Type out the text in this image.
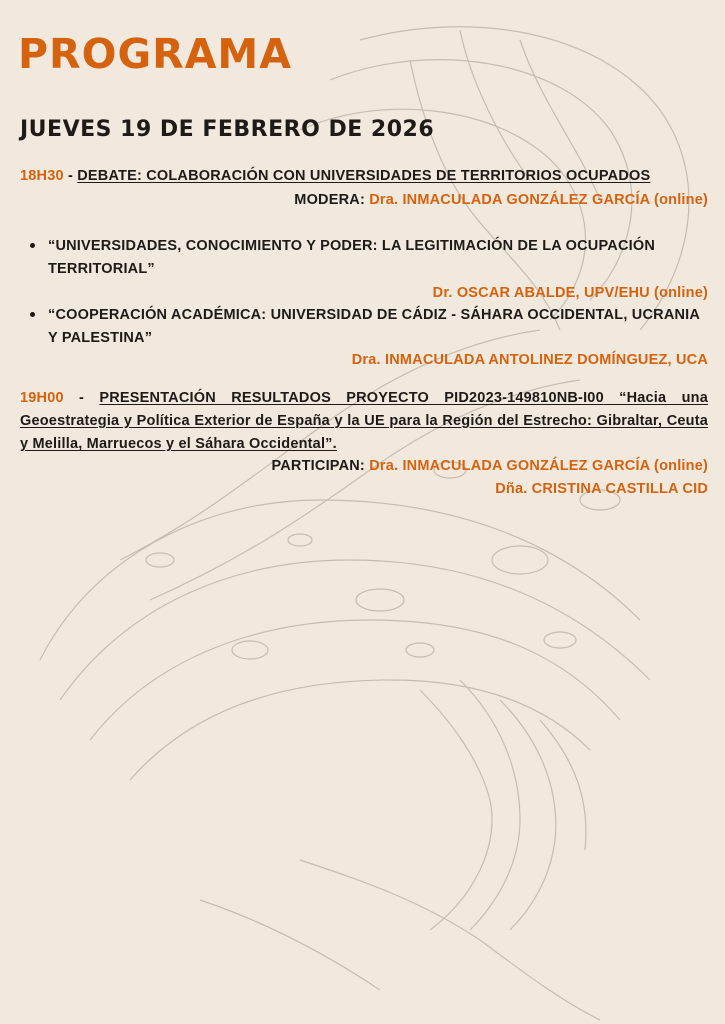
PROGRAMA
JUEVES 19 DE FEBRERO DE 2026
18H30 - DEBATE: COLABORACIÓN CON UNIVERSIDADES DE TERRITORIOS OCUPADOS
MODERA: Dra. INMACULADA GONZÁLEZ GARCÍA (online)
“UNIVERSIDADES, CONOCIMIENTO Y PODER: LA LEGITIMACIÓN DE LA OCUPACIÓN TERRITORIAL”
Dr. OSCAR ABALDE, UPV/EHU (online)
“COOPERACIÓN ACADÉMICA: UNIVERSIDAD DE CÁDIZ - SÁHARA OCCIDENTAL, UCRANIA Y PALESTINA”
Dra. INMACULADA ANTOLINEZ DOMÍNGUEZ, UCA
19H00 - PRESENTACIÓN RESULTADOS PROYECTO PID2023-149810NB-I00 “Hacia una Geoestrategia y Política Exterior de España y la UE para la Región del Estrecho: Gibraltar, Ceuta y Melilla, Marruecos y el Sáhara Occidental”.
PARTICIPAN: Dra. INMACULADA GONZÁLEZ GARCÍA (online)
Dña. CRISTINA CASTILLA CID
